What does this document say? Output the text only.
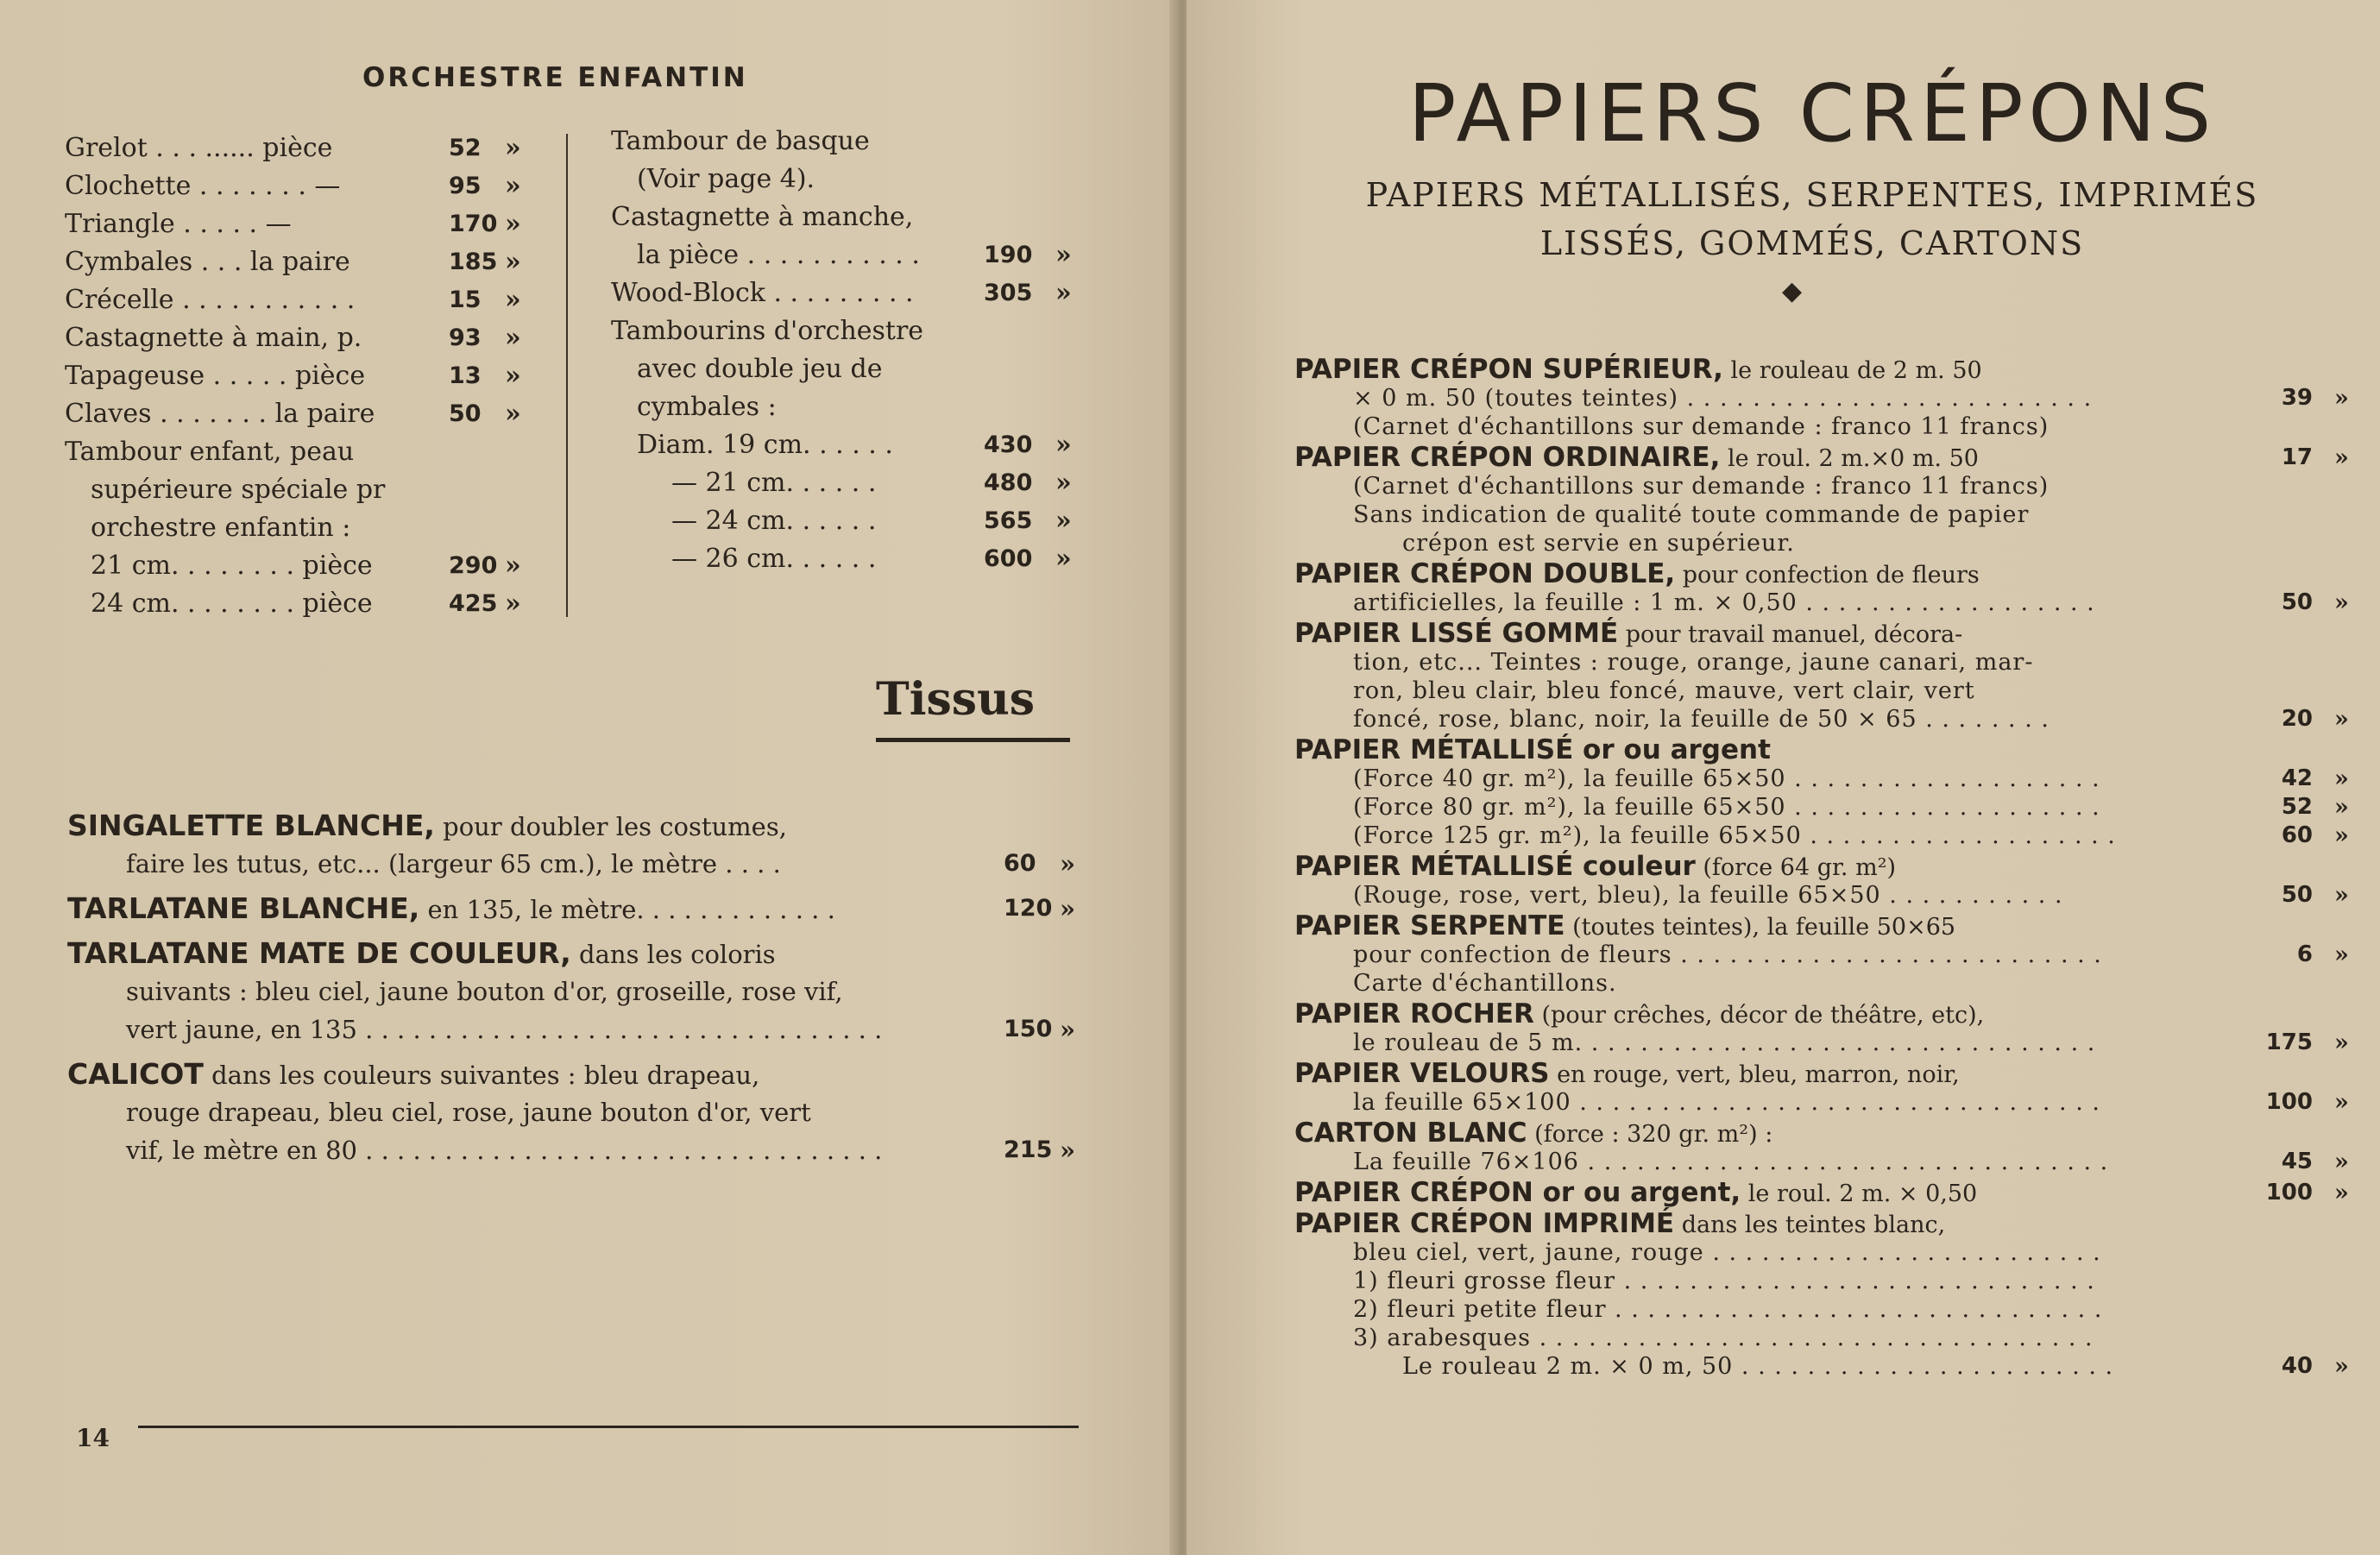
ORCHESTRE ENFANTIN
Grelot . . . ...... pièce	52 »
Clochette . . . . . . . —	95 »
Triangle . . . . . —	170 »
Cymbales . . . la paire	185 »
Crécelle . . . . . . . . . . .	15 »
Castagnette à main, p.	93 »
Tapageuse . . . . . pièce	13 »
Claves . . . . . . . la paire	50 »
Tambour enfant, peau
supérieure spéciale pr
orchestre enfantin :
21 cm. . . . . . . . pièce	290 »
24 cm. . . . . . . . pièce	425 »
Tambour de basque
(Voir page 4).
Castagnette à manche,
la pièce . . . . . . . . . . .	190 »
Wood-Block . . . . . . . . .	305 »
Tambourins d'orchestre
avec double jeu de
cymbales :
Diam. 19 cm. . . . . .	430 »
— 21 cm. . . . . .	480 »
— 24 cm. . . . . .	565 »
— 26 cm. . . . . .	600 »
Tissus
SINGALETTE BLANCHE, pour doubler les costumes,
faire les tutus, etc... (largeur 65 cm.), le mètre . . . .	60 »
TARLATANE BLANCHE, en 135, le mètre. . . . . . . . . . . . .	120 »
TARLATANE MATE DE COULEUR, dans les coloris
suivants : bleu ciel, jaune bouton d'or, groseille, rose vif,
vert jaune, en 135 . . . . . . . . . . . . . . . . . . . . . . . . . . . . . . . . .	150 »
CALICOT dans les couleurs suivantes : bleu drapeau,
rouge drapeau, bleu ciel, rose, jaune bouton d'or, vert
vif, le mètre en 80 . . . . . . . . . . . . . . . . . . . . . . . . . . . . . . . . .	215 »
14
PAPIERS CRÉPONS
PAPIERS MÉTALLISÉS, SERPENTES, IMPRIMÉS
LISSÉS, GOMMÉS, CARTONS
◆
PAPIER CRÉPON SUPÉRIEUR, le rouleau de 2 m. 50
× 0 m. 50 (toutes teintes) . . . . . . . . . . . . . . . . . . . . . . . . .	39 »
(Carnet d'échantillons sur demande : franco 11 francs)
PAPIER CRÉPON ORDINAIRE, le roul. 2 m.×0 m. 50	17 »
(Carnet d'échantillons sur demande : franco 11 francs)
Sans indication de qualité toute commande de papier
crépon est servie en supérieur.
PAPIER CRÉPON DOUBLE, pour confection de fleurs
artificielles, la feuille : 1 m. × 0,50 . . . . . . . . . . . . . . . . . .	50 »
PAPIER LISSÉ GOMMÉ pour travail manuel, décora-
tion, etc... Teintes : rouge, orange, jaune canari, mar-
ron, bleu clair, bleu foncé, mauve, vert clair, vert
foncé, rose, blanc, noir, la feuille de 50 × 65 . . . . . . . .	20 »
PAPIER MÉTALLISÉ or ou argent
(Force 40 gr. m²), la feuille 65×50 . . . . . . . . . . . . . . . . . . .	42 »
(Force 80 gr. m²), la feuille 65×50 . . . . . . . . . . . . . . . . . . .	52 »
(Force 125 gr. m²), la feuille 65×50 . . . . . . . . . . . . . . . . . . .	60 »
PAPIER MÉTALLISÉ couleur (force 64 gr. m²)
(Rouge, rose, vert, bleu), la feuille 65×50 . . . . . . . . . . .	50 »
PAPIER SERPENTE (toutes teintes), la feuille 50×65
pour confection de fleurs . . . . . . . . . . . . . . . . . . . . . . . . . .	6 »
Carte d'échantillons.
PAPIER ROCHER (pour crêches, décor de théâtre, etc),
le rouleau de 5 m. . . . . . . . . . . . . . . . . . . . . . . . . . . . . . . .	175 »
PAPIER VELOURS en rouge, vert, bleu, marron, noir,
la feuille 65×100 . . . . . . . . . . . . . . . . . . . . . . . . . . . . . . . .	100 »
CARTON BLANC (force : 320 gr. m²) :
La feuille 76×106 . . . . . . . . . . . . . . . . . . . . . . . . . . . . . . . .	45 »
PAPIER CRÉPON or ou argent, le roul. 2 m. × 0,50	100 »
PAPIER CRÉPON IMPRIMÉ dans les teintes blanc,
bleu ciel, vert, jaune, rouge . . . . . . . . . . . . . . . . . . . . . . . .
1) fleuri grosse fleur . . . . . . . . . . . . . . . . . . . . . . . . . . . . .
2) fleuri petite fleur . . . . . . . . . . . . . . . . . . . . . . . . . . . . . .
3) arabesques . . . . . . . . . . . . . . . . . . . . . . . . . . . . . . . . . .
Le rouleau 2 m. × 0 m, 50 . . . . . . . . . . . . . . . . . . . . . . .	40 »
